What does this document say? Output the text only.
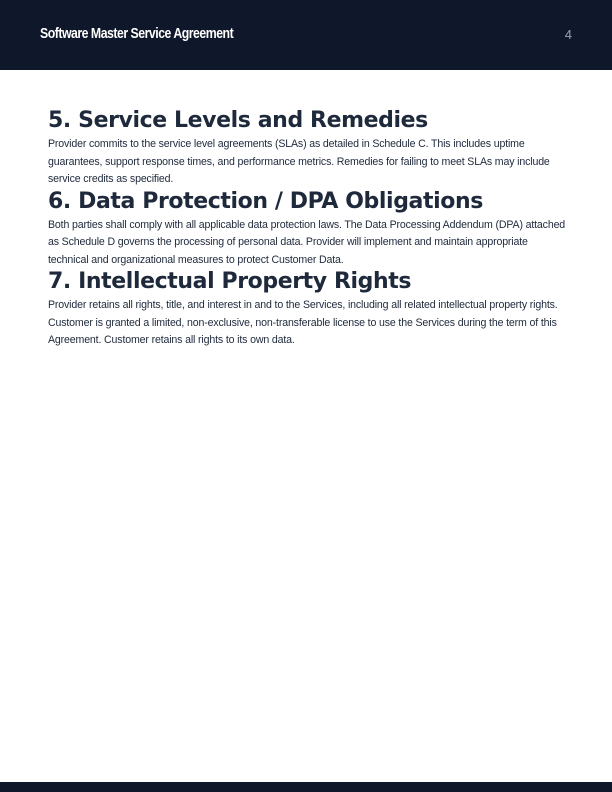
Software Master Service Agreement	4
5. Service Levels and Remedies

Provider commits to the service level agreements (SLAs) as detailed in Schedule C. This includes uptime guarantees, support response times, and performance metrics. Remedies for failing to meet SLAs may include service credits as specified.

6. Data Protection / DPA Obligations

Both parties shall comply with all applicable data protection laws. The Data Processing Addendum (DPA) attached as Schedule D governs the processing of personal data. Provider will implement and maintain appropriate technical and organizational measures to protect Customer Data.

7. Intellectual Property Rights

Provider retains all rights, title, and interest in and to the Services, including all related intellectual property rights. Customer is granted a limited, non-exclusive, non-transferable license to use the Services during the term of this Agreement. Customer retains all rights to its own data.
